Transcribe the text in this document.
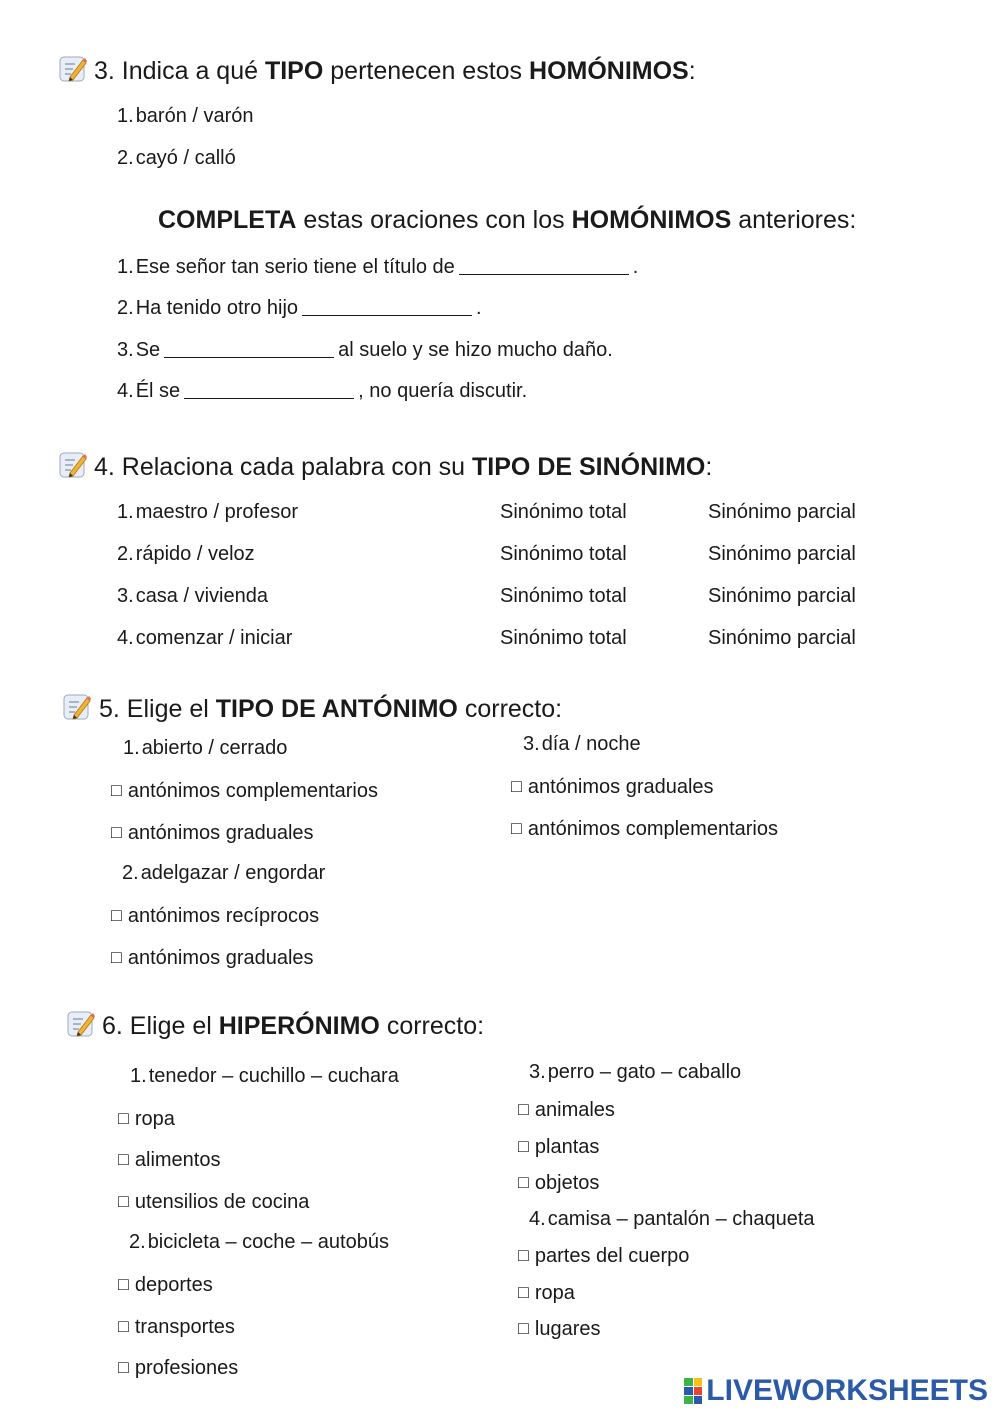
3. Indica a qué TIPO pertenecen estos HOMÓNIMOS:
1. barón / varón
2. cayó / calló
COMPLETA estas oraciones con los HOMÓNIMOS anteriores:
1. Ese señor tan serio tiene el título de	.
2. Ha tenido otro hijo	.
3. Se	al suelo y se hizo mucho daño.
4. Él se	, no quería discutir.
4. Relaciona cada palabra con su TIPO DE SINÓNIMO:
1. maestro / profesor	Sinónimo total	Sinónimo parcial
2. rápido / veloz	Sinónimo total	Sinónimo parcial
3. casa / vivienda	Sinónimo total	Sinónimo parcial
4. comenzar / iniciar	Sinónimo total	Sinónimo parcial
5. Elige el TIPO DE ANTÓNIMO correcto:
1. abierto / cerrado
□ antónimos complementarios
□ antónimos graduales
2. adelgazar / engordar
□ antónimos recíprocos
□ antónimos graduales
3. día / noche
□ antónimos graduales
□ antónimos complementarios
6. Elige el HIPERÓNIMO correcto:
1. tenedor – cuchillo – cuchara
□ ropa
□ alimentos
□ utensilios de cocina
2. bicicleta – coche – autobús
□ deportes
□ transportes
□ profesiones
3. perro – gato – caballo
□ animales
□ plantas
□ objetos
4. camisa – pantalón – chaqueta
□ partes del cuerpo
□ ropa
□ lugares
LIVEWORKSHEETS
